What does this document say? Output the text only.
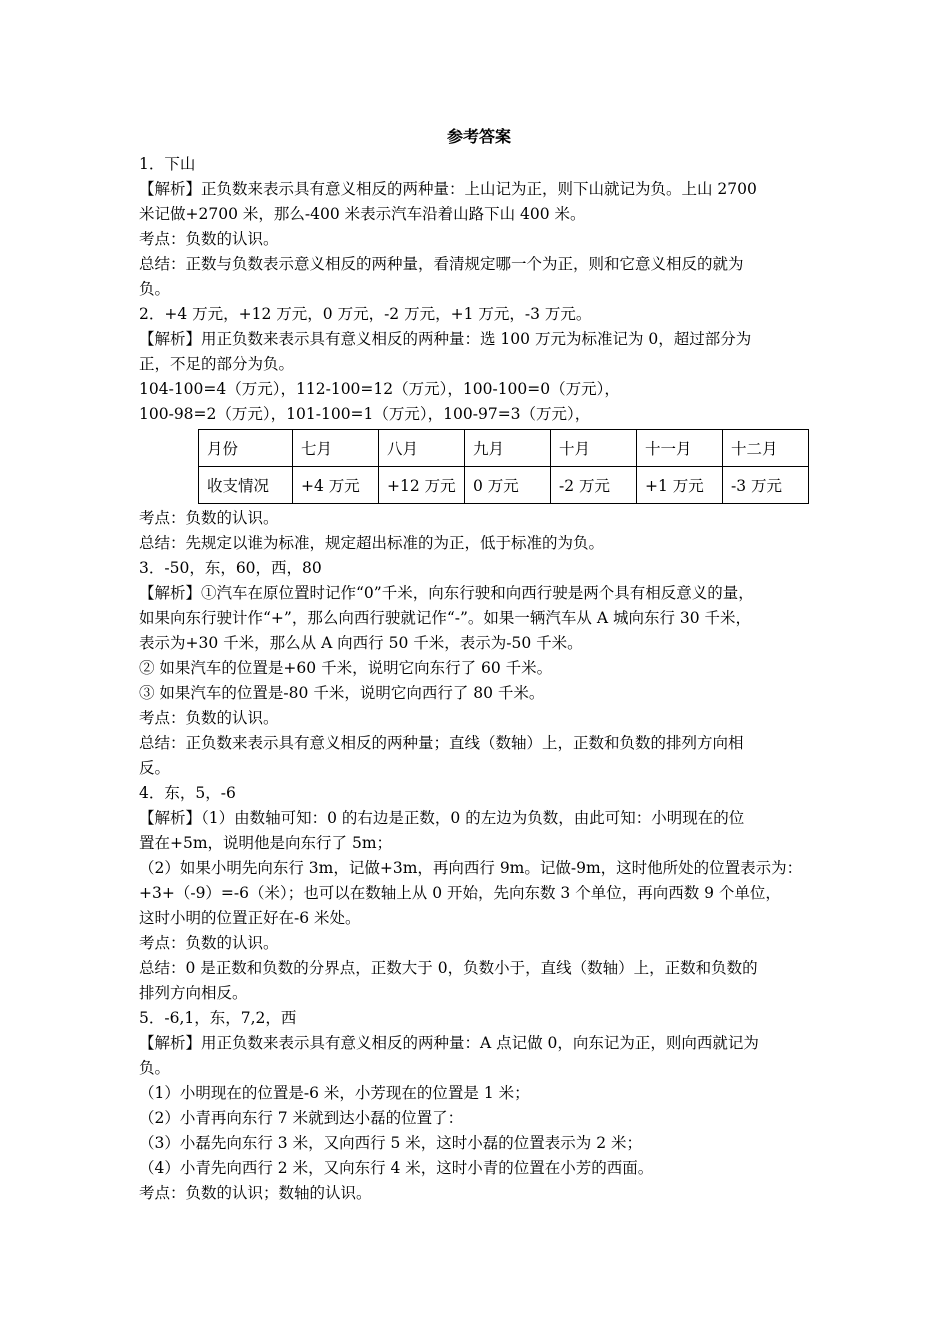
参考答案
1．下山
【解析】正负数来表示具有意义相反的两种量：上山记为正，则下山就记为负。上山 2700
米记做+2700 米，那么-400 米表示汽车沿着山路下山 400 米。
考点：负数的认识。
总结：正数与负数表示意义相反的两种量，看清规定哪一个为正，则和它意义相反的就为
负。
2．+4 万元，+12 万元，0 万元，-2 万元，+1 万元，-3 万元。
【解析】用正负数来表示具有意义相反的两种量：选 100 万元为标准记为 0，超过部分为
正，不足的部分为负。
104-100=4（万元），112-100=12（万元），100-100=0（万元），
100-98=2（万元），101-100=1（万元），100-97=3（万元），
月份	七月	八月	九月	十月	十一月	十二月
收支情况	+4 万元	+12 万元	0 万元	-2 万元	+1 万元	-3 万元
考点：负数的认识。
总结：先规定以谁为标准，规定超出标准的为正，低于标准的为负。
3．-50，东，60，西，80
【解析】①汽车在原位置时记作“0”千米，向东行驶和向西行驶是两个具有相反意义的量，
如果向东行驶计作“+”，那么向西行驶就记作“-”。如果一辆汽车从 A 城向东行 30 千米，
表示为+30 千米，那么从 A 向西行 50 千米，表示为-50 千米。
② 如果汽车的位置是+60 千米，说明它向东行了 60 千米。
③ 如果汽车的位置是-80 千米，说明它向西行了 80 千米。
考点：负数的认识。
总结：正负数来表示具有意义相反的两种量；直线（数轴）上，正数和负数的排列方向相
反。
4．东，5，-6
【解析】（1）由数轴可知：0 的右边是正数，0 的左边为负数，由此可知：小明现在的位
置在+5m，说明他是向东行了 5m；
（2）如果小明先向东行 3m，记做+3m，再向西行 9m。记做-9m，这时他所处的位置表示为：
+3+（-9）=-6（米）；也可以在数轴上从 0 开始，先向东数 3 个单位，再向西数 9 个单位，
这时小明的位置正好在-6 米处。
考点：负数的认识。
总结：0 是正数和负数的分界点，正数大于 0，负数小于，直线（数轴）上，正数和负数的
排列方向相反。
5．-6,1，东，7,2，西
【解析】用正负数来表示具有意义相反的两种量：A 点记做 0，向东记为正，则向西就记为
负。
（1）小明现在的位置是-6 米，小芳现在的位置是 1 米；
（2）小青再向东行 7 米就到达小磊的位置了：
（3）小磊先向东行 3 米，又向西行 5 米，这时小磊的位置表示为 2 米；
（4）小青先向西行 2 米，又向东行 4 米，这时小青的位置在小芳的西面。
考点：负数的认识；数轴的认识。
